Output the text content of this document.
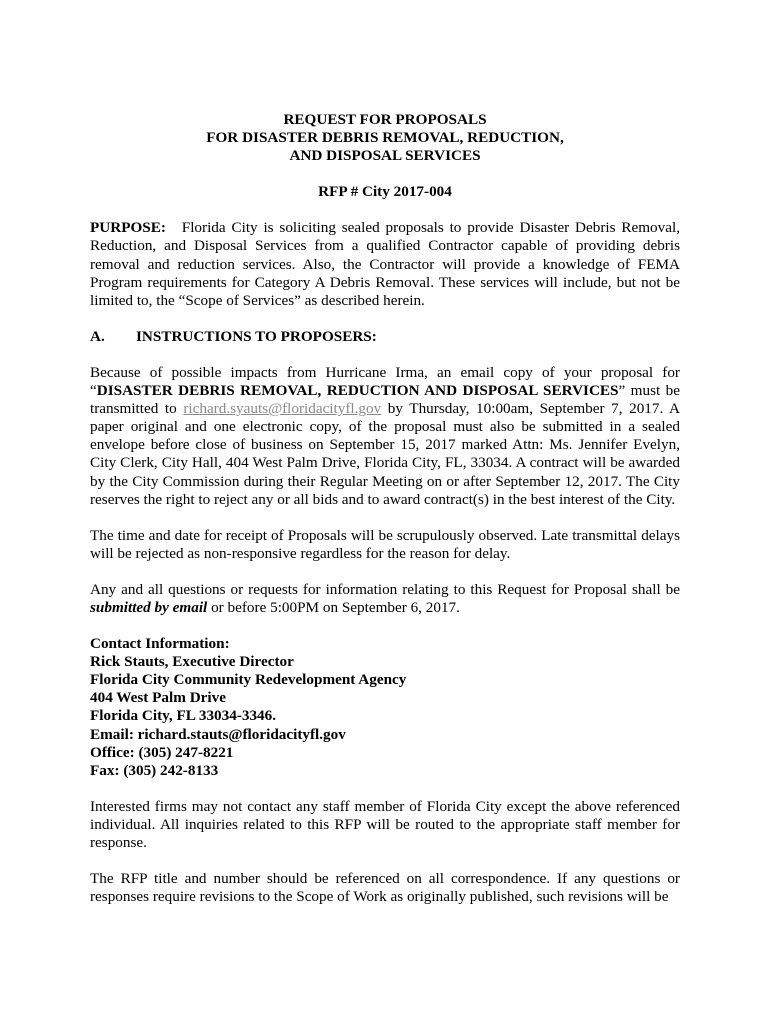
REQUEST FOR PROPOSALS
FOR DISASTER DEBRIS REMOVAL, REDUCTION,
AND DISPOSAL SERVICES
RFP # City 2017-004

PURPOSE: Florida City is soliciting sealed proposals to provide Disaster Debris Removal, Reduction, and Disposal Services from a qualified Contractor capable of providing debris removal and reduction services. Also, the Contractor will provide a knowledge of FEMA Program requirements for Category A Debris Removal. These services will include, but not be limited to, the “Scope of Services” as described herein.

A. INSTRUCTIONS TO PROPOSERS:

Because of possible impacts from Hurricane Irma, an email copy of your proposal for “DISASTER DEBRIS REMOVAL, REDUCTION AND DISPOSAL SERVICES” must be transmitted to richard.syauts@floridacityfl.gov by Thursday, 10:00am, September 7, 2017. A paper original and one electronic copy, of the proposal must also be submitted in a sealed envelope before close of business on September 15, 2017 marked Attn: Ms. Jennifer Evelyn, City Clerk, City Hall, 404 West Palm Drive, Florida City, FL, 33034. A contract will be awarded by the City Commission during their Regular Meeting on or after September 12, 2017. The City reserves the right to reject any or all bids and to award contract(s) in the best interest of the City.

The time and date for receipt of Proposals will be scrupulously observed. Late transmittal delays will be rejected as non-responsive regardless for the reason for delay.

Any and all questions or requests for information relating to this Request for Proposal shall be submitted by email or before 5:00PM on September 6, 2017.

Contact Information:
Rick Stauts, Executive Director
Florida City Community Redevelopment Agency
404 West Palm Drive
Florida City, FL 33034-3346.
Email: richard.stauts@floridacityfl.gov
Office: (305) 247-8221
Fax: (305) 242-8133

Interested firms may not contact any staff member of Florida City except the above referenced individual. All inquiries related to this RFP will be routed to the appropriate staff member for response.

The RFP title and number should be referenced on all correspondence. If any questions or responses require revisions to the Scope of Work as originally published, such revisions will be
